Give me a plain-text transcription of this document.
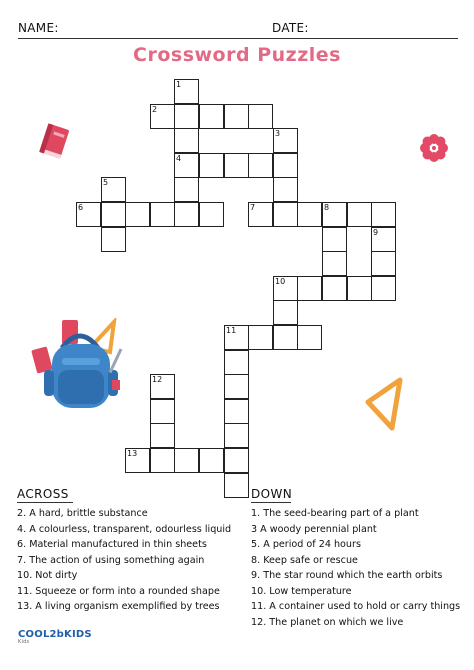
NAME:	DATE:
Crossword Puzzles
1
2
3
4
5
6	7	8
9
10
11
12
13
ACROSS
2. A hard, brittle substance
4. A colourless, transparent, odourless liquid
6. Material manufactured in thin sheets
7. The action of using something again
10. Not dirty
11. Squeeze or form into a rounded shape
13. A living organism exemplified by trees
DOWN
1. The seed-bearing part of a plant
3 A woody perennial plant
5. A period of 24 hours
8. Keep safe or rescue
9. The star round which the earth orbits
10. Low temperature
11. A container used to hold or carry things
12. The planet on which we live
COOL2bKIDS
Kids
